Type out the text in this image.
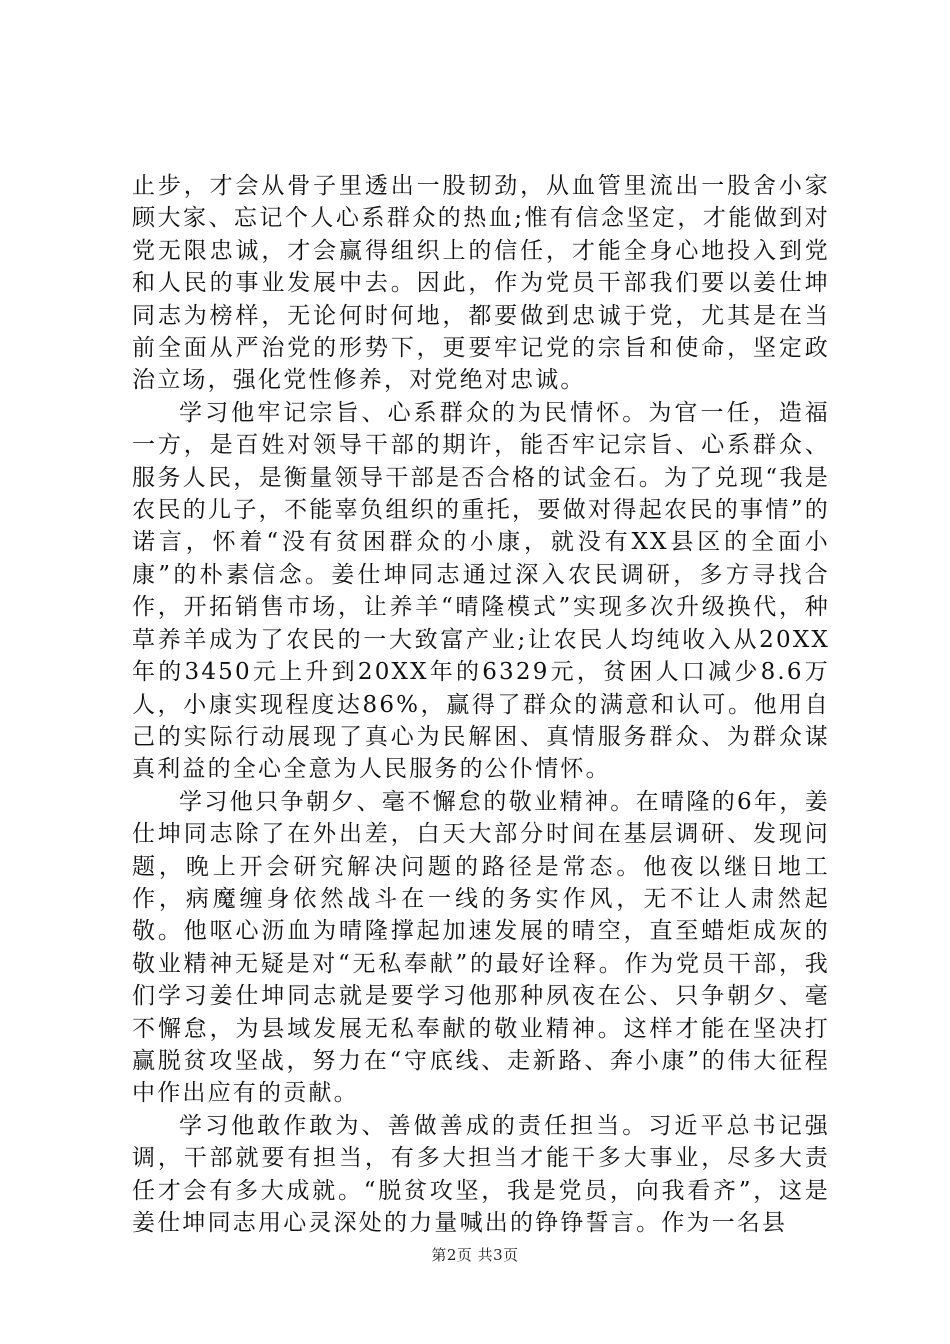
止步，才会从骨子里透出一股韧劲，从血管里流出一股舍小家顾大家、忘记个人心系群众的热血;惟有信念坚定，才能做到对党无限忠诚，才会赢得组织上的信任，才能全身心地投入到党和人民的事业发展中去。因此，作为党员干部我们要以姜仕坤同志为榜样，无论何时何地，都要做到忠诚于党，尤其是在当前全面从严治党的形势下，更要牢记党的宗旨和使命，坚定政治立场，强化党性修养，对党绝对忠诚。

学习他牢记宗旨、心系群众的为民情怀。为官一任，造福一方，是百姓对领导干部的期许，能否牢记宗旨、心系群众、服务人民，是衡量领导干部是否合格的试金石。为了兑现“我是农民的儿子，不能辜负组织的重托，要做对得起农民的事情”的诺言，怀着“没有贫困群众的小康，就没有XX县区的全面小康”的朴素信念。姜仕坤同志通过深入农民调研，多方寻找合作，开拓销售市场，让养羊“晴隆模式”实现多次升级换代，种草养羊成为了农民的一大致富产业;让农民人均纯收入从20XX年的3450元上升到20XX年的6329元，贫困人口减少8.6万人，小康实现程度达86%，赢得了群众的满意和认可。他用自己的实际行动展现了真心为民解困、真情服务群众、为群众谋真利益的全心全意为人民服务的公仆情怀。

学习他只争朝夕、毫不懈怠的敬业精神。在晴隆的6年，姜仕坤同志除了在外出差，白天大部分时间在基层调研、发现问题，晚上开会研究解决问题的路径是常态。他夜以继日地工作，病魔缠身依然战斗在一线的务实作风，无不让人肃然起敬。他呕心沥血为晴隆撑起加速发展的晴空，直至蜡炬成灰的敬业精神无疑是对“无私奉献”的最好诠释。作为党员干部，我们学习姜仕坤同志就是要学习他那种夙夜在公、只争朝夕、毫不懈怠，为县域发展无私奉献的敬业精神。这样才能在坚决打赢脱贫攻坚战，努力在“守底线、走新路、奔小康”的伟大征程中作出应有的贡献。

学习他敢作敢为、善做善成的责任担当。习近平总书记强调，干部就要有担当，有多大担当才能干多大事业，尽多大责任才会有多大成就。“脱贫攻坚，我是党员，向我看齐”，这是姜仕坤同志用心灵深处的力量喊出的铮铮誓言。作为一名县

第2页 共3页
